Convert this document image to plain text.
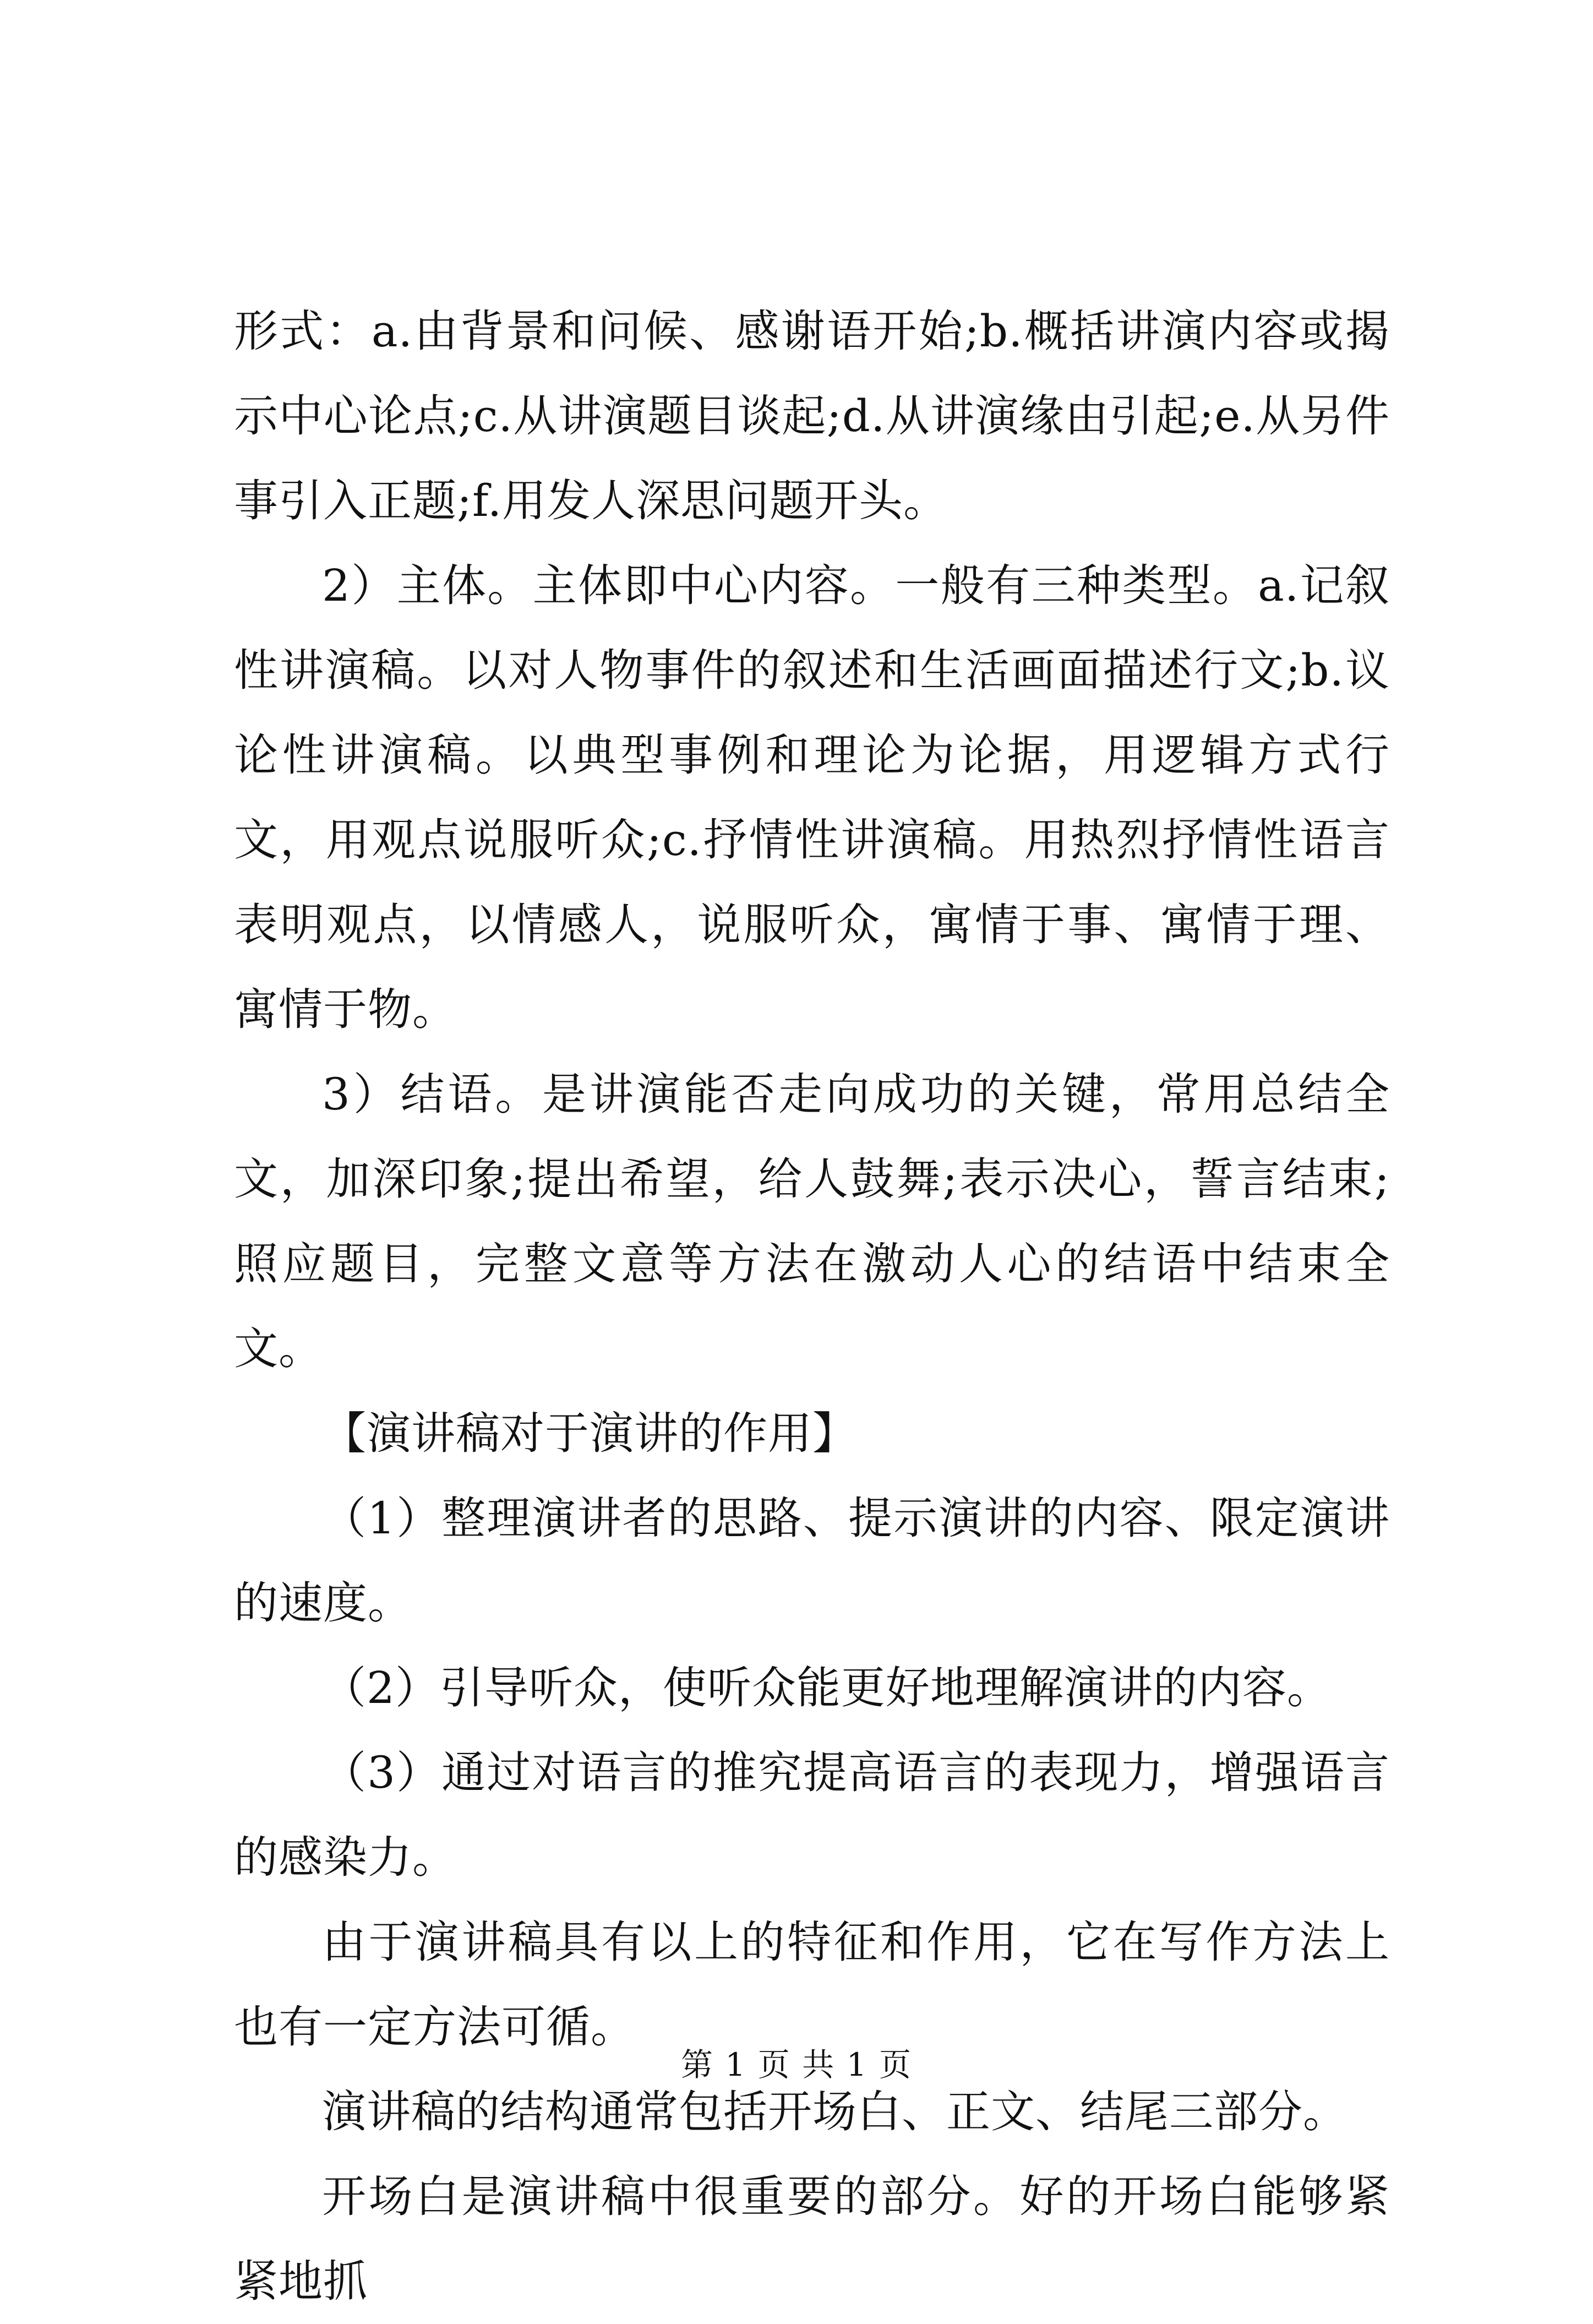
形式：a.由背景和问候、感谢语开始;b.概括讲演内容或揭示中心论点;c.从讲演题目谈起;d.从讲演缘由引起;e.从另件事引入正题;f.用发人深思问题开头。

2）主体。主体即中心内容。一般有三种类型。a.记叙性讲演稿。以对人物事件的叙述和生活画面描述行文;b.议论性讲演稿。以典型事例和理论为论据，用逻辑方式行文，用观点说服听众;c.抒情性讲演稿。用热烈抒情性语言表明观点，以情感人，说服听众，寓情于事、寓情于理、寓情于物。

3）结语。是讲演能否走向成功的关键，常用总结全文，加深印象;提出希望，给人鼓舞;表示决心，誓言结束;照应题目，完整文意等方法在激动人心的结语中结束全文。

【演讲稿对于演讲的作用】

（1）整理演讲者的思路、提示演讲的内容、限定演讲的速度。

（2）引导听众，使听众能更好地理解演讲的内容。

（3）通过对语言的推究提高语言的表现力，增强语言的感染力。

由于演讲稿具有以上的特征和作用，它在写作方法上也有一定方法可循。

演讲稿的结构通常包括开场白、正文、结尾三部分。

开场白是演讲稿中很重要的部分。好的开场白能够紧紧地抓

第 1 页 共 1 页
